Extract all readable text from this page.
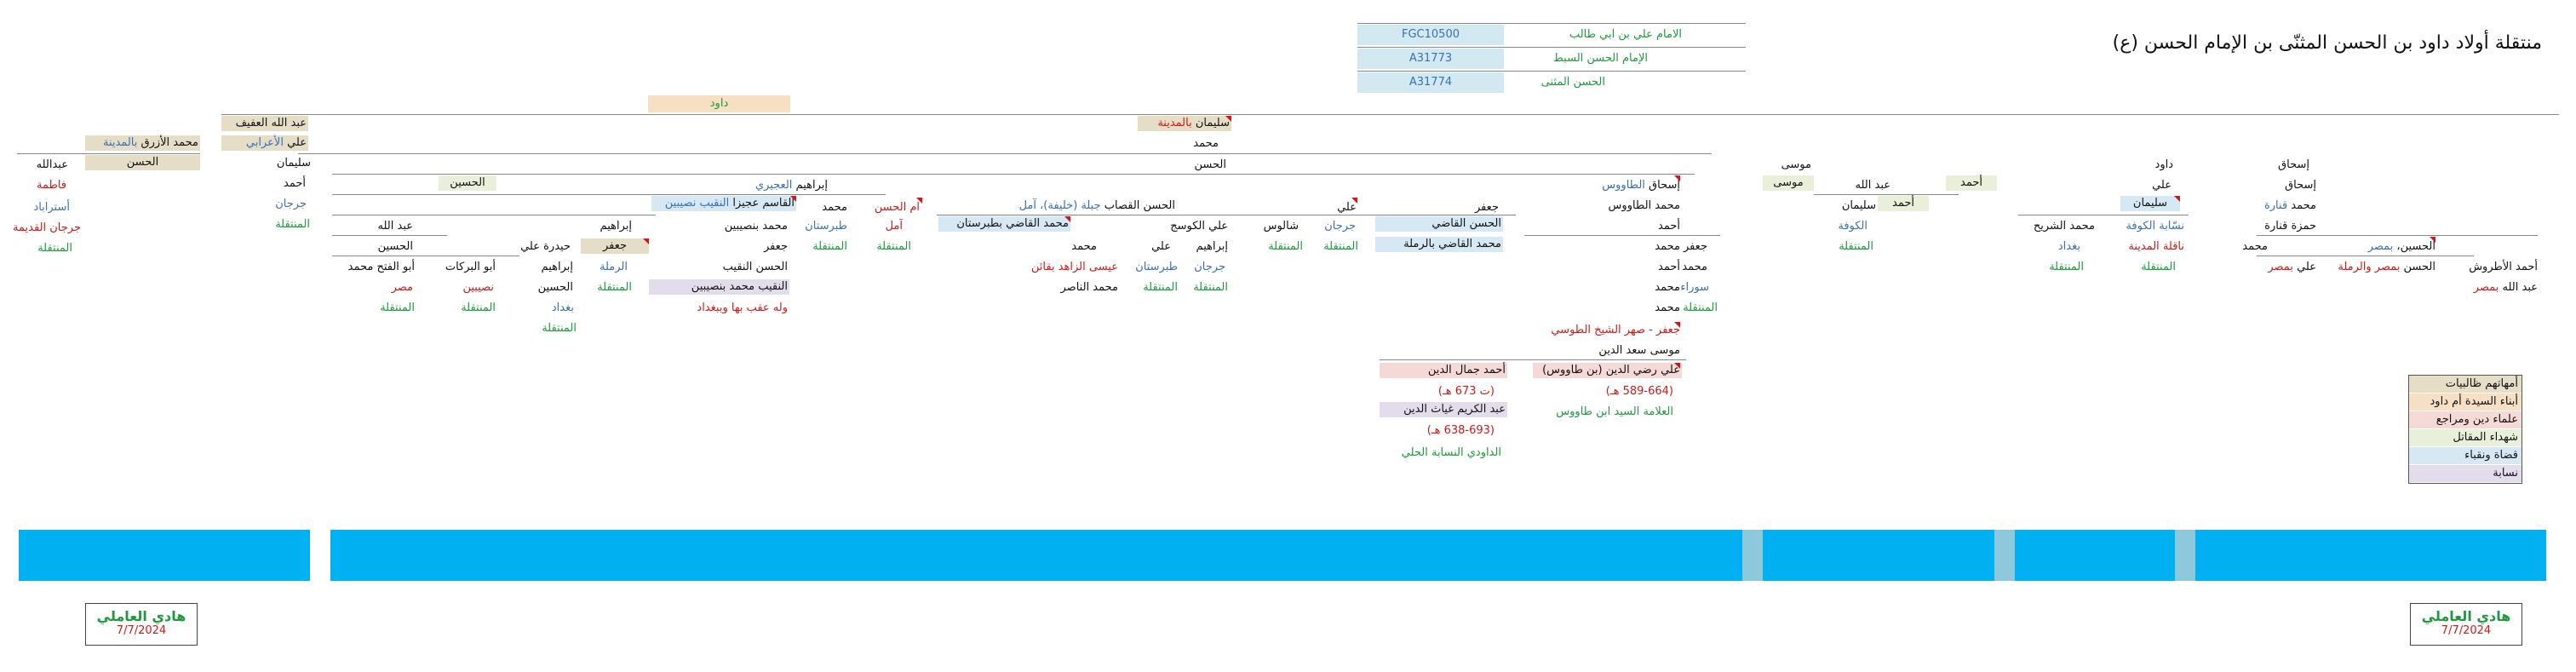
منتقلة أولاد داود بن الحسن المثنّى بن الإمام الحسن (ع)
FGC10500	الامام علي بن ابي طالب
A31773	الإمام الحسن السبط
A31774	الحسن المثنى
داود
سليمان بالمدينة
محمد
الحسن	موسى	داود	إسحاق
عبد الله العفيف
علي الأعرابي
محمد الأزرق بالمدينة
الحسن	سليمان
أحمد
جرجان
المنتقلة
عبدالله
فاطمة
أستراباد
جرجان القديمة
المنتقلة
الحسين	إبراهيم العجيري
القاسم عجيزا النقيب نصيبين
عبد الله
الحسين
أبو الفتح محمد
مصر
المنتقلة
أبو البركات
نصيبين
المنتقلة
حيدرة علي
إبراهيم
الحسين
بغداد
المنتقلة
إبراهيم
جعفر
الرملة
المنتقلة
محمد بنصيبين
جعفر
الحسن النقيب
النقيب محمد بنصيبين
وله عقب بها وببغداد
محمد
طبرستان
المنتقلة
ام الحسن
آمل
المنتقلة
الحسن القصاب جبلة (خليفة)، آمل
محمد القاضي بطبرستان
محمد
عيسى الزاهد بقائن
محمد الناصر
علي
طبرستان
المنتقلة
علي الكوسج
إبراهيم
جرجان
المنتقلة
علي
جرجان
المنتقلة
شالوس
المنتقلة
جعفر
الحسن القاضي
محمد القاضي بالرملة
إسحاق الطاووس
محمد الطاووس
أحمد
محمد
أحمد
محمد
محمد
جعفر - صهر الشيخ الطوسي
موسى سعد الدين
علي رضي الدين (بن طاووس)
(589-664 هـ)
العلامة السيد ابن طاووس
أحمد جمال الدين
(ت 673 هـ)
عبد الكريم غياث الدين
(638-693 هـ)
الداودي النسابة الحلي
جعفر
محمد
سوراء
المنتقلة
موسى	عبد الله	أحمد
سليمان
الكوفة
المنتقلة
أحمد
علي
سليمان
محمد الشريح
بغداد
المنتقلة
نسّابة الكوفة
ناقلة المدينة
المنتقلة
إسحاق
محمد قنارة
حمزة قنارة
محمد	الحسين، بمصر
أحمد الأطروش
عبد الله بمصر
الحسن بمصر والرملة
علي بمصر
أمهاتهم ظالبيات
أبناء السيدة أم داود
علماء دين ومراجع
شهداء المقاتل
قضاة ونقباء
نسابة
هادي العاملي
7/7/2024
هادي العاملي
7/7/2024
